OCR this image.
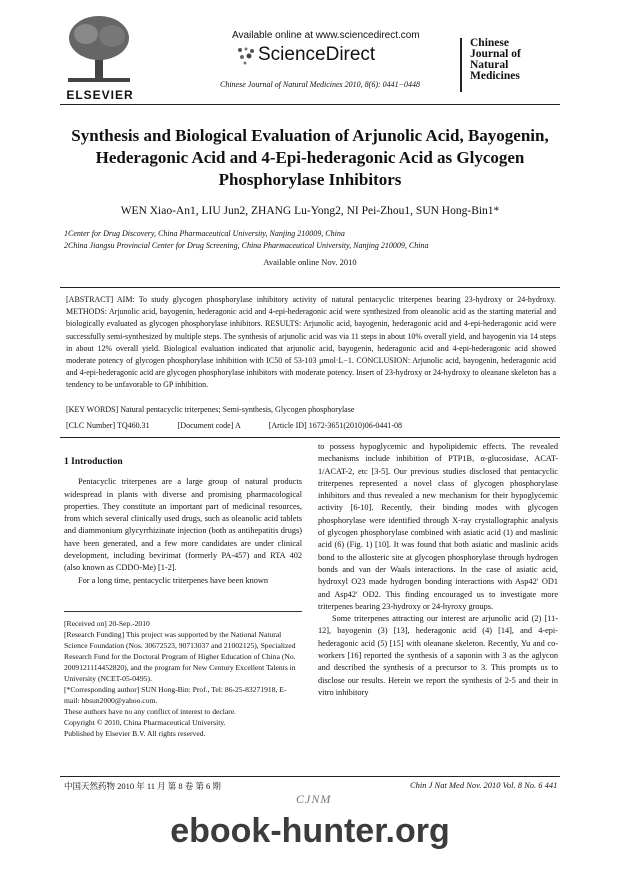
ELSEVIER
Available online at www.sciencedirect.com
ScienceDirect
Chinese Journal of Natural Medicines 2010, 8(6): 0441−0448
Chinese
Journal of
Natural
Medicines
Synthesis and Biological Evaluation of Arjunolic Acid, Bayogenin, Hederagonic Acid and 4-Epi-hederagonic Acid as Glycogen Phosphorylase Inhibitors
WEN Xiao-An1, LIU Jun2, ZHANG Lu-Yong2, NI Pei-Zhou1, SUN Hong-Bin1*
1Center for Drug Discovery, China Pharmaceutical University, Nanjing 210009, China
2China Jiangsu Provincial Center for Drug Screening, China Pharmaceutical University, Nanjing 210009, China
Available online Nov. 2010
[ABSTRACT] AIM: To study glycogen phosphorylase inhibitory activity of natural pentacyclic triterpenes bearing 23-hydroxy or 24-hydroxy. METHODS: Arjunolic acid, bayogenin, hederagonic acid and 4-epi-hederagonic acid were synthesized from oleanolic acid as the starting material and biologically evaluated as glycogen phosphorylase inhibitors. RESULTS: Arjunolic acid, bayogenin, hederagonic acid and 4-epi-hederagonic acid were successfully semi-synthesized by multiple steps. The synthesis of arjunolic acid was via 11 steps in about 10% overall yield, and bayogenin via 14 steps in about 12% overall yield. Biological evaluation indicated that arjunolic acid, bayogenin, hederagonic acid and 4-epi-hederagonic acid showed moderate potency of glycogen phosphorylase inhibition with IC50 of 53-103 μmol·L−1. CONCLUSION: Arjunolic acid, bayogenin, hederagonic acid and 4-epi-hederagonic acid are glycogen phosphorylase inhibitors with moderate potency. Insert of 23-hydroxy or 24-hydroxy to oleanane skeleton has a tendency to be unfavorable to GP inhibition.
[KEY WORDS] Natural pentacyclic triterpenes; Semi-synthesis, Glycogen phosphorylase
[CLC Number] TQ460.31	[Document code] A	[Article ID] 1672-3651(2010)06-0441-08
1 Introduction

Pentacyclic triterpenes are a large group of natural products widespread in plants with diverse and promising pharmacological properties. They constitute an important part of medicinal resources, from which several clinically used drugs, such as oleanolic acid tablets and diammonium glycyrrhizinate injection (both as antihepatitis drugs) have been generated, and a few more candidates are under clinical development, including bevirimat (formerly PA-457) and RTA 402 (also known as CDDO-Me) [1-2].

For a long time, pentacyclic triterpenes have been known

[Received on] 20-Sep.-2010
[Research Funding] This project was supported by the National Natural Science Foundation (Nos. 30672523, 90713037 and 21002125), Specialized Research Fund for the Doctoral Program of Higher Education of China (No. 2009121114452820), and the program for New Century Excellent Talents in University (NCET-05-0495).
[*Corresponding author] SUN Hong-Bin: Prof., Tel: 86-25-83271918, E-mail: hbsun2000@yahoo.com.
These authors have no any conflict of interest to declare.
Copyright © 2010, China Pharmaceutical University.
Published by Elsevier B.V. All rights reserved.

to possess hypoglycemic and hypolipidemic effects. The revealed mechanisms include inhibition of PTP1B, α-glucosidase, ACAT-1/ACAT-2, etc [3-5]. Our previous studies disclosed that pentacyclic triterpenes represented a novel class of glycogen phosphorylase inhibitors and thus revealed a new mechanism for their hypoglycemic activity [6-10]. Recently, their binding modes with glycogen phosphorylase were identified through X-ray crystallographic analysis of glycogen phosphorylase combined with asiatic acid (1) and maslinic acid (6) (Fig. 1) [10]. It was found that both asiatic and maslinic acids bond to the allosteric site at glycogen phosphorylase through hydrogen bonds and van der Waals interactions. In the case of asiatic acid, hydroxyl O23 made hydrogen bonding interactions with Asp42′ OD1 and Asp42′ OD2. This finding encouraged us to investigate more triterpenes bearing 23-hydroxy or 24-hyroxy groups.

Some triterpenes attracting our interest are arjunolic acid (2) [11-12], bayogenin (3) [13], hederagonic acid (4) [14], and 4-epi-hederagonic acid (5) [15] with oleanane skeleton. Recently, Yu and co-workers [16] reported the synthesis of a saponin with 3 as the aglycon and described the synthesis of a precursor to 3. This prompts us to disclose our results. Herein we report the synthesis of 2-5 and their in vitro inhibitory

中国天然药物 2010 年 11 月 第 8 卷 第 6 期
CJNM
Chin J Nat Med Nov. 2010 Vol. 8 No. 6 441
ebook-hunter.org
